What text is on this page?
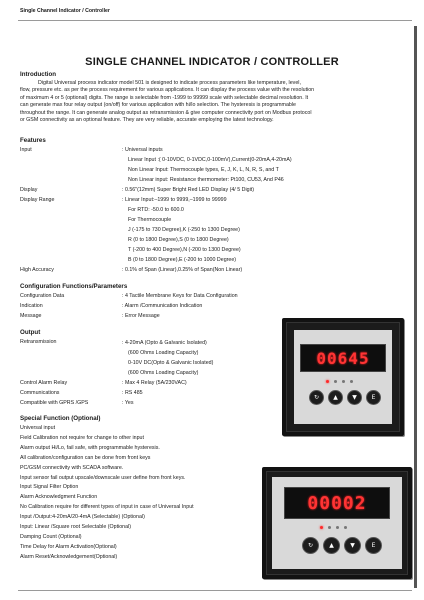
Single Channel Indicator / Controller
SINGLE CHANNEL INDICATOR / CONTROLLER
Introduction
Digital Universal process indicator model 501 is designed to indicate process parameters like temperature, level,
flow, pressure etc. as per the process requirement for various applications. It can display the process value with the resolution
of maximum 4 or 5 (optional) digits. The range is selectable from -1999 to 99999 scale with selectable decimal resolution. It
can generate max four relay output (on/off) for various application with hi/lo selection. The hysteresis is programmable
throughout the range. It can generate analog output as retransmission & give computer connectivity port on Modbus protocol
or GSM connectivity as an optional feature. They are very reliable, accurate employing the latest technology.
Features
Input	: Universal inputs
Linear Input :( 0-10VDC, 0-1VDC,0-100mV),Current(0-20mA,4-20mA)
Non Linear Input: Thermocouple types, E, J, K, L, N, R, S, and T
Non Linear input: Resistance thermometer: Pt100, CU53, And P46
Display	: 0.56"(12mm) Super Bright Red LED Display (4/ 5 Digit)
Display Range	: Linear Input:–1999 to 9999,–1999 to 99999
For RTD: -50.0 to 600.0
For Thermocouple
J (-175 to 730 Degree),K (-250 to 1300 Degree)
R (0 to 1800 Degree),S (0 to 1800 Degree)
T (-200 to 400 Degree),N (-200 to 1300 Degree)
B (0 to 1800 Degree),E (-200 to 1000 Degree)
High Accuracy	: 0.1% of Span (Linear),0.25% of Span(Non Linear)
Configuration Functions/Parameters
Configuration Data	: 4 Tactile Membrane Keys for Data Configuration
Indication	: Alarm /Communication Indication
Message	: Error Message
Output
Retransmission	: 4-20mA (Opto & Galvanic Isolated)
(600 Ohms Loading Capacity)
0-10V DC(Opto & Galvanic Isolated)
(600 Ohms Loading Capacity)
Control Alarm Relay	: Max 4 Relay (5A/230VAC)
Communications	: RS 485
Compatible with GPRS /GPS	: Yes
Special Function (Optional)
Universal input
Field Calibration not require for change to other input
Alarm output Hi/Lo, fail safe, with programmable hysteresis.
All calibration/configuration can be done from front keys
PC/GSM connectivity with SCADA software.
Input sensor fail output upscale/downscale user define from front keys.
Input Signal Filter Option
Alarm Acknowledgment Function
No Calibration require for different types of input in case of Universal Input
Input /Output:4-20mA/20-4mA (Selectable) (Optional)
Input: Linear /Square root Selectable (Optional)
Damping Count (Optional)
Time Delay for Alarm Activation(Optional)
Alarm Reset/Acknowledgement(Optional)
00645
↻	▲	▼	E
00002
↻	▲	▼	E
